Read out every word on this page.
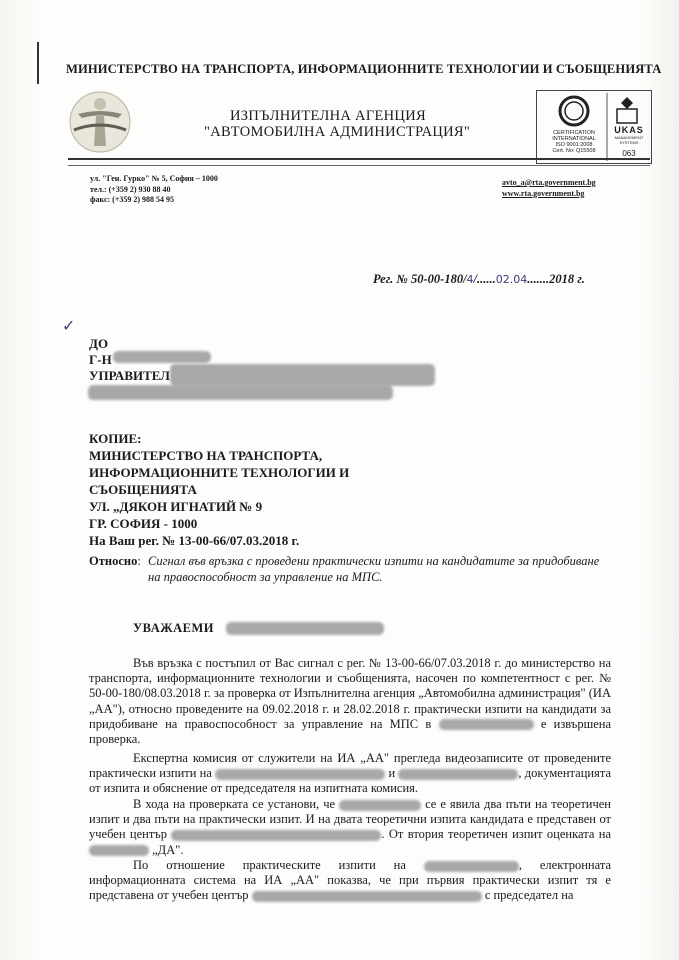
МИНИСТЕРСТВО НА ТРАНСПОРТА, ИНФОРМАЦИОННИТЕ ТЕХНОЛОГИИ И СЪОБЩЕНИЯТА
ИЗПЪЛНИТЕЛНА АГЕНЦИЯ
"АВТОМОБИЛНА АДМИНИСТРАЦИЯ"	CERTIFICATION
INTERNATIONAL
ISO 9001:2008
Cert. No: Q15508
UKAS
MANAGEMENT
SYSTEMS
063
ул. "Ген. Гурко" № 5, София – 1000
тел.: (+359 2) 930 88 40
факс: (+359 2) 988 54 95
avto_a@rta.government.bg
www.rta.government.bg
Рег. № 50-00-180/4/......02.04.......2018 г.
✓
ДО
Г-Н
УПРАВИТЕЛ
КОПИЕ:
МИНИСТЕРСТВО НА ТРАНСПОРТА,
ИНФОРМАЦИОННИТЕ ТЕХНОЛОГИИ И
СЪОБЩЕНИЯТА
УЛ. „ДЯКОН ИГНАТИЙ № 9
ГР. СОФИЯ - 1000
На Ваш рег. № 13-00-66/07.03.2018 г.
Относно: Сигнал във връзка с проведени практически изпити на кандидатите за придобиване на правоспособност за управление на МПС.
УВАЖАЕМИ
Във връзка с постъпил от Вас сигнал с рег. № 13-00-66/07.03.2018 г. до министерство на транспорта, информационните технологии и съобщенията, насочен по компетентност с рег. № 50-00-180/08.03.2018 г. за проверка от Изпълнителна агенция „Автомобилна администрация" (ИА „АА"), относно проведените на 09.02.2018 г. и 28.02.2018 г. практически изпити на кандидати за придобиване на правоспособност за управление на МПС в	е извършена проверка.
Експертна комисия от служители на ИА „АА" прегледа видеозаписите от проведените практически изпити на	и	, документацията от изпита и обяснение от председателя на изпитната комисия.
В хода на проверката се установи, че	се е явила два пъти на теоретичен изпит и два пъти на практически изпит. И на двата теоретични изпита кандидата е представен от учебен център	. От втория теоретичен изпит оценката на  „ДА".
По отношение практическите изпити на	, електронната информационната система на ИА „АА" показва, че при първия практически изпит тя е представена от учебен център	с председател на
